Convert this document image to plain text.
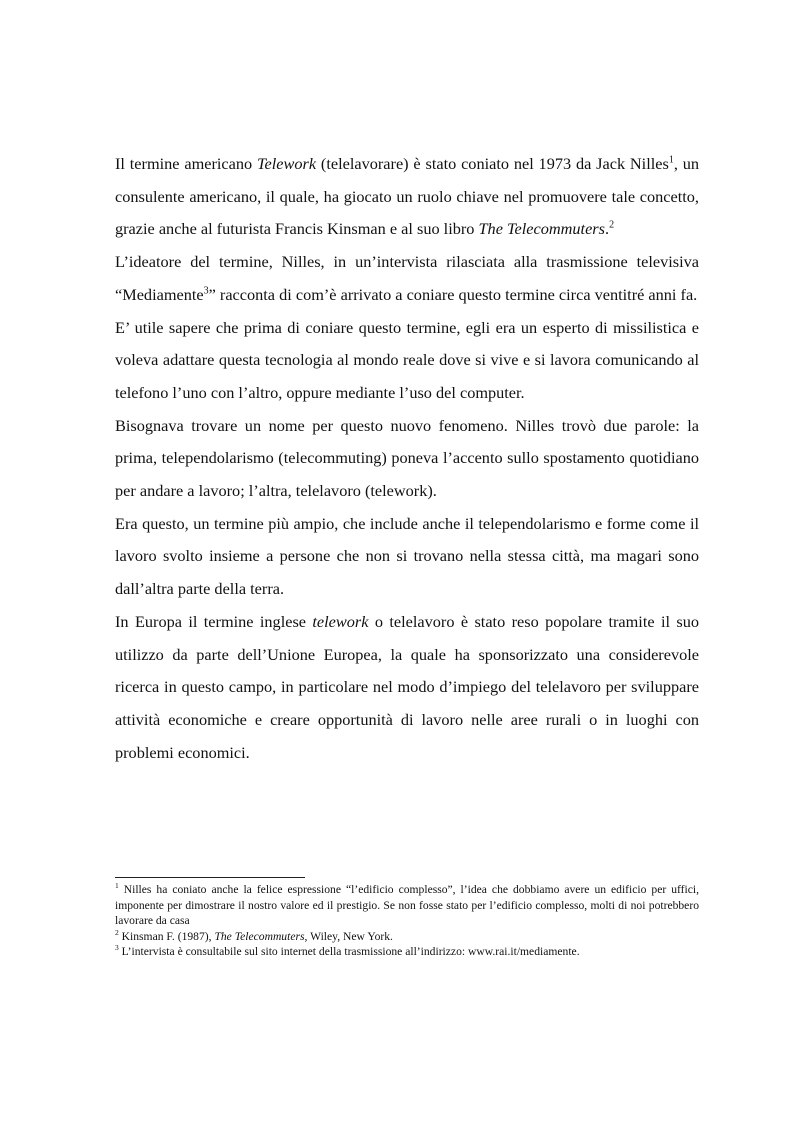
Il termine americano Telework (telelavorare) è stato coniato nel 1973 da Jack Nilles$^1$, un consulente americano, il quale, ha giocato un ruolo chiave nel promuovere tale concetto, grazie anche al futurista Francis Kinsman e al suo libro The Telecommuters.$^2$

L’ideatore del termine, Nilles, in un’intervista rilasciata alla trasmissione televisiva “Mediamente$^3$” racconta di com’è arrivato a coniare questo termine circa ventitré anni fa.

E’ utile sapere che prima di coniare questo termine, egli era un esperto di missilistica e voleva adattare questa tecnologia al mondo reale dove si vive e si lavora comunicando al telefono l’uno con l’altro, oppure mediante l’uso del computer.

Bisognava trovare un nome per questo nuovo fenomeno. Nilles trovò due parole: la prima, telependolarismo (telecommuting) poneva l’accento sullo spostamento quotidiano per andare a lavoro; l’altra, telelavoro (telework).

Era questo, un termine più ampio, che include anche il telependolarismo e forme come il lavoro svolto insieme a persone che non si trovano nella stessa città, ma magari sono dall’altra parte della terra.

In Europa il termine inglese telework o telelavoro è stato reso popolare tramite il suo utilizzo da parte dell’Unione Europea, la quale ha sponsorizzato una considerevole ricerca in questo campo, in particolare nel modo d’impiego del telelavoro per sviluppare attività economiche e creare opportunità di lavoro nelle aree rurali o in luoghi con problemi economici.

$^1$ Nilles ha coniato anche la felice espressione “l’edificio complesso”, l’idea che dobbiamo avere un edificio per uffici, imponente per dimostrare il nostro valore ed il prestigio. Se non fosse stato per l’edificio complesso, molti di noi potrebbero lavorare da casa

$^2$ Kinsman F. (1987), The Telecommuters, Wiley, New York.

$^3$ L’intervista è consultabile sul sito internet della trasmissione all’indirizzo: www.rai.it/mediamente.
